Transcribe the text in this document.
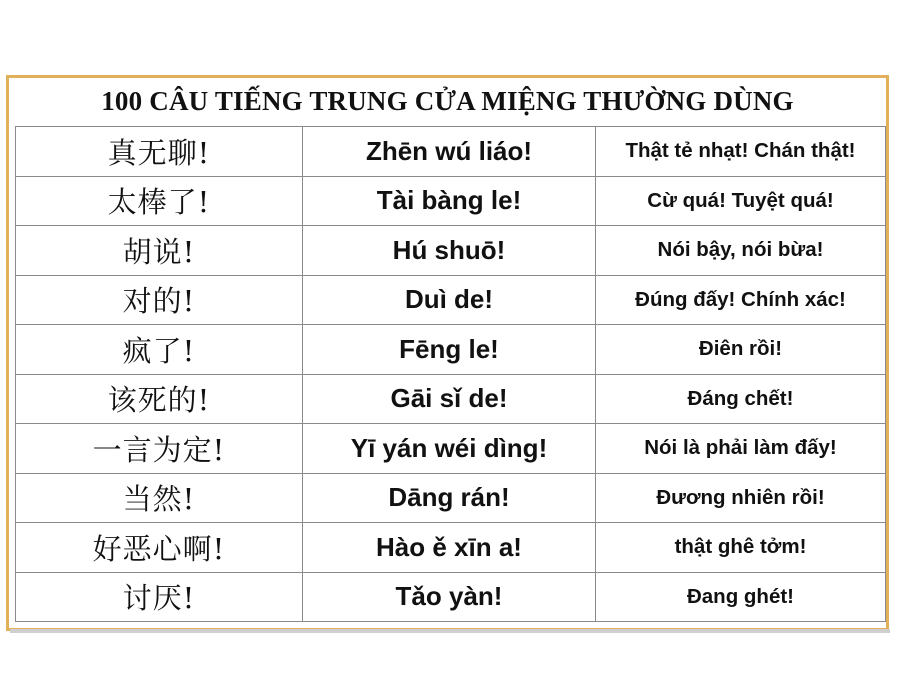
100 CÂU TIẾNG TRUNG CỬA MIỆNG THƯỜNG DÙNG
真无聊!	Zhēn wú liáo!	Thật tẻ nhạt! Chán thật!
太棒了!	Tài bàng le!	Cừ quá! Tuyệt quá!
胡说!	Hú shuō!	Nói bậy, nói bừa!
对的!	Duì de!	Đúng đấy! Chính xác!
疯了!	Fēng le!	Điên rồi!
该死的!	Gāi sǐ de!	Đáng chết!
一言为定!	Yī yán wéi dìng!	Nói là phải làm đấy!
当然!	Dāng rán!	Đương nhiên rồi!
好恶心啊!	Hào ě xīn a!	thật ghê tởm!
讨厌!	Tǎo yàn!	Đang ghét!
